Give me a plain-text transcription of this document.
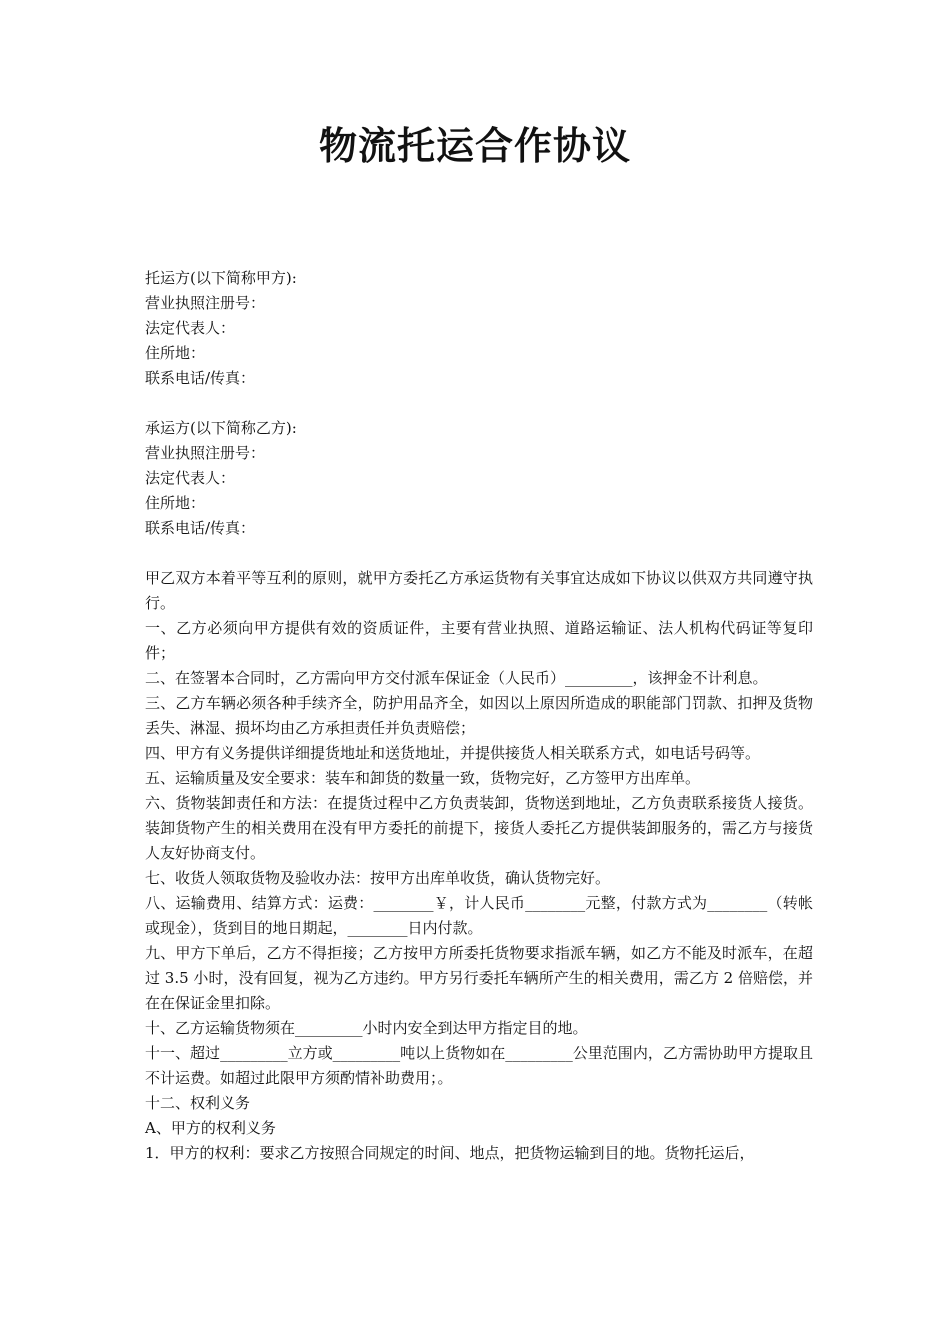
物流托运合作协议

托运方(以下简称甲方):

营业执照注册号：

法定代表人：

住所地：

联系电话/传真：

承运方(以下简称乙方):

营业执照注册号：

法定代表人：

住所地：

联系电话/传真：

甲乙双方本着平等互利的原则，就甲方委托乙方承运货物有关事宜达成如下协议以供双方共同遵守执行。

一、乙方必须向甲方提供有效的资质证件，主要有营业执照、道路运输证、法人机构代码证等复印件；

二、在签署本合同时，乙方需向甲方交付派车保证金（人民币）_________，该押金不计利息。

三、乙方车辆必须各种手续齐全，防护用品齐全，如因以上原因所造成的职能部门罚款、扣押及货物丢失、淋湿、损坏均由乙方承担责任并负责赔偿；

四、甲方有义务提供详细提货地址和送货地址，并提供接货人相关联系方式，如电话号码等。

五、运输质量及安全要求：装车和卸货的数量一致，货物完好，乙方签甲方出库单。

六、货物装卸责任和方法：在提货过程中乙方负责装卸，货物送到地址，乙方负责联系接货人接货。装卸货物产生的相关费用在没有甲方委托的前提下，接货人委托乙方提供装卸服务的，需乙方与接货人友好协商支付。

七、收货人领取货物及验收办法：按甲方出库单收货，确认货物完好。

八、运输费用、结算方式：运费：________￥，计人民币________元整，付款方式为________（转帐或现金），货到目的地日期起，________日内付款。

九、甲方下单后，乙方不得拒接；乙方按甲方所委托货物要求指派车辆，如乙方不能及时派车，在超过 3.5 小时，没有回复，视为乙方违约。甲方另行委托车辆所产生的相关费用，需乙方 2 倍赔偿，并在在保证金里扣除。

十、乙方运输货物须在_________小时内安全到达甲方指定目的地。

十一、超过_________立方或_________吨以上货物如在_________公里范围内，乙方需协助甲方提取且不计运费。如超过此限甲方须酌情补助费用；。

十二、权利义务

A、甲方的权利义务

1．甲方的权利：要求乙方按照合同规定的时间、地点，把货物运输到目的地。货物托运后，
